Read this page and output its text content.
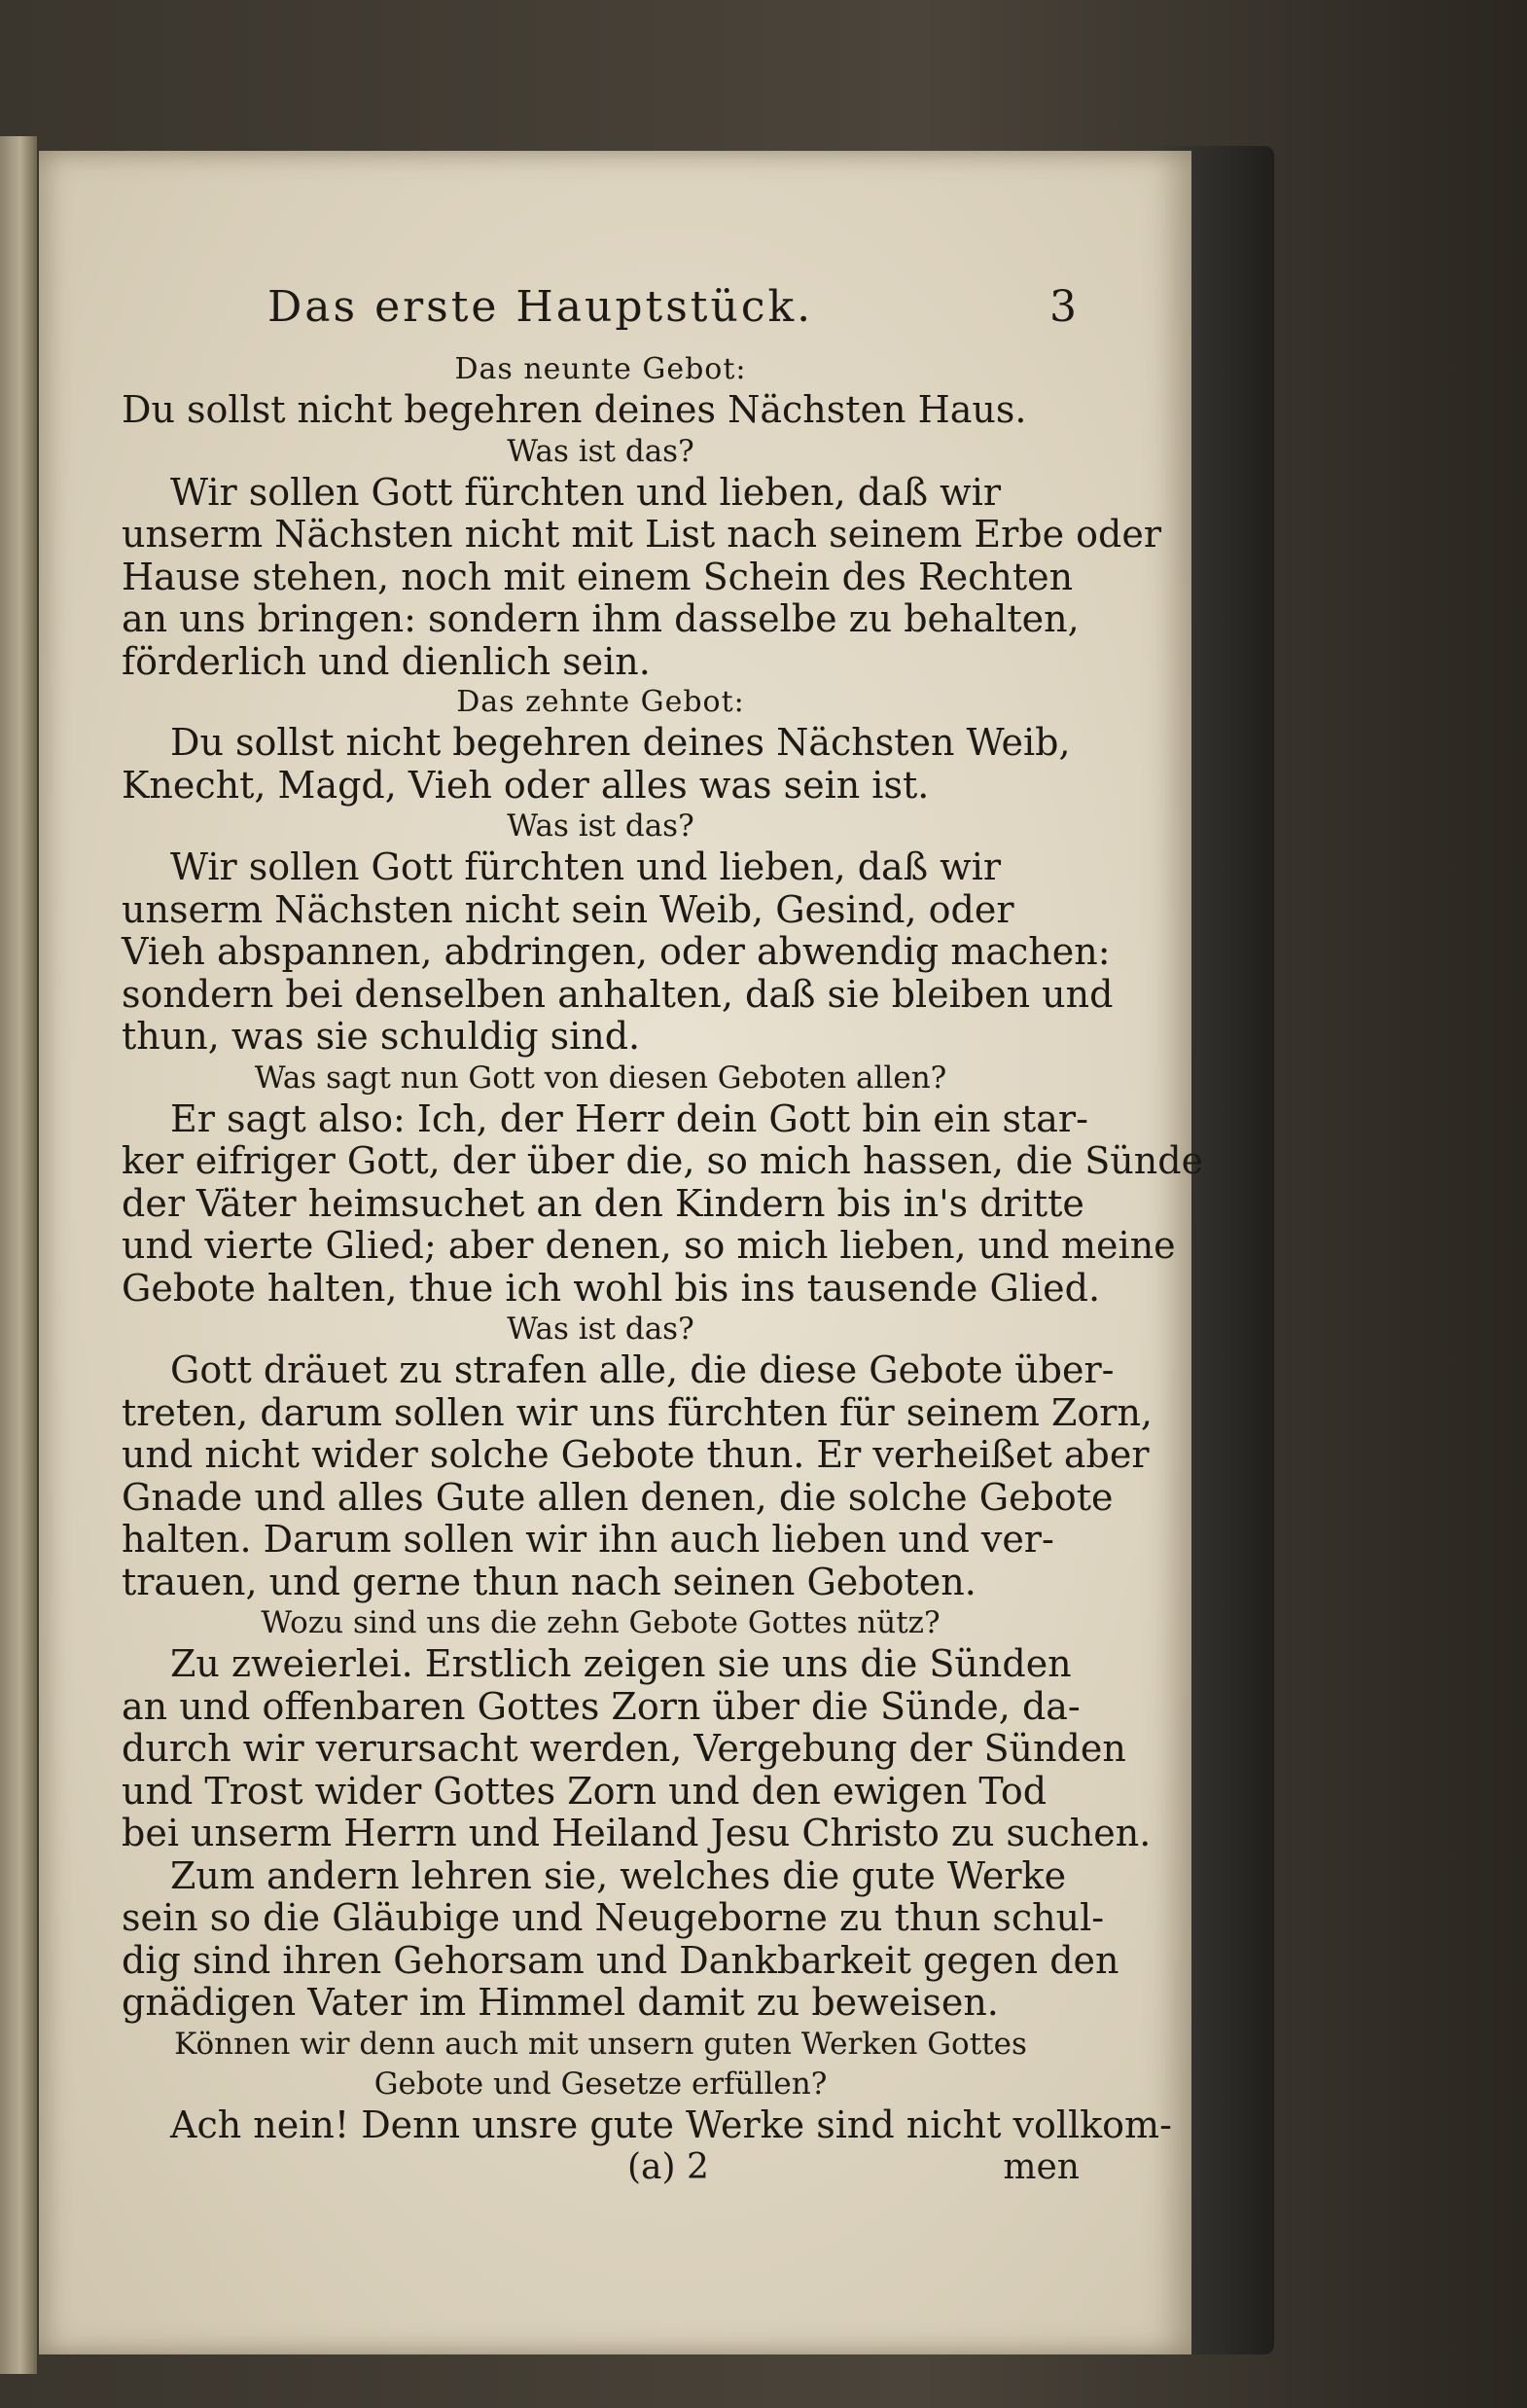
Das erste Hauptstück.	3
Das neunte Gebot:

Du sollst nicht begehren deines Nächsten Haus.

Was ist das?

Wir sollen Gott fürchten und lieben, daß wir
unserm Nächsten nicht mit List nach seinem Erbe oder
Hause stehen, noch mit einem Schein des Rechten
an uns bringen: sondern ihm dasselbe zu behalten,
förderlich und dienlich sein.

Das zehnte Gebot:

Du sollst nicht begehren deines Nächsten Weib,
Knecht, Magd, Vieh oder alles was sein ist.

Was ist das?

Wir sollen Gott fürchten und lieben, daß wir
unserm Nächsten nicht sein Weib, Gesind, oder
Vieh abspannen, abdringen, oder abwendig machen:
sondern bei denselben anhalten, daß sie bleiben und
thun, was sie schuldig sind.

Was sagt nun Gott von diesen Geboten allen?

Er sagt also: Ich, der Herr dein Gott bin ein star‑
ker eifriger Gott, der über die, so mich hassen, die Sünde
der Väter heimsuchet an den Kindern bis in's dritte
und vierte Glied; aber denen, so mich lieben, und meine
Gebote halten, thue ich wohl bis ins tausende Glied.

Was ist das?

Gott dräuet zu strafen alle, die diese Gebote über‑
treten, darum sollen wir uns fürchten für seinem Zorn,
und nicht wider solche Gebote thun. Er verheißet aber
Gnade und alles Gute allen denen, die solche Gebote
halten. Darum sollen wir ihn auch lieben und ver‑
trauen, und gerne thun nach seinen Geboten.

Wozu sind uns die zehn Gebote Gottes nütz?

Zu zweierlei. Erstlich zeigen sie uns die Sünden
an und offenbaren Gottes Zorn über die Sünde, da‑
durch wir verursacht werden, Vergebung der Sünden
und Trost wider Gottes Zorn und den ewigen Tod
bei unserm Herrn und Heiland Jesu Christo zu suchen.
Zum andern lehren sie, welches die gute Werke
sein so die Gläubige und Neugeborne zu thun schul‑
dig sind ihren Gehorsam und Dankbarkeit gegen den
gnädigen Vater im Himmel damit zu beweisen.

Können wir denn auch mit unsern guten Werken Gottes
Gebote und Gesetze erfüllen?

Ach nein! Denn unsre gute Werke sind nicht vollkom‑

(a) 2	men
